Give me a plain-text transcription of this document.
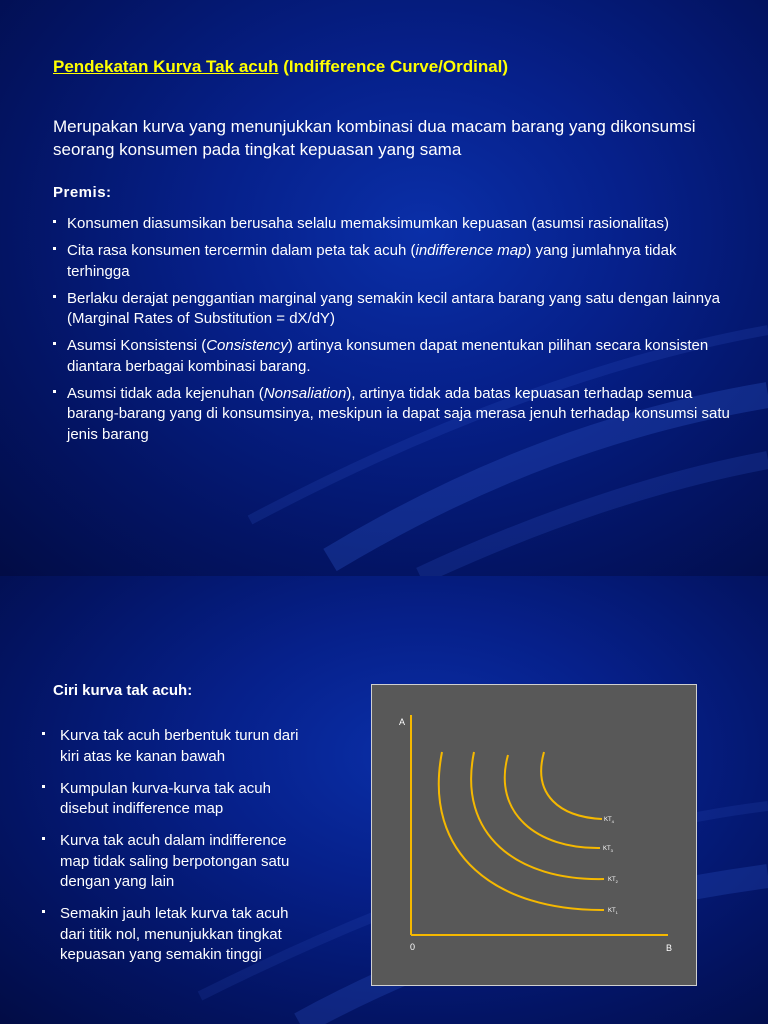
Pendekatan Kurva Tak acuh (Indifference Curve/Ordinal)
Merupakan kurva yang menunjukkan kombinasi dua macam barang yang dikonsumsi seorang konsumen pada tingkat kepuasan yang sama
Premis:
Konsumen diasumsikan berusaha selalu memaksimumkan kepuasan (asumsi rasionalitas)
Cita rasa konsumen tercermin dalam peta tak acuh (indifference map) yang jumlahnya tidak terhingga
Berlaku derajat penggantian marginal yang semakin kecil antara barang yang satu dengan lainnya (Marginal Rates of Substitution = dX/dY)
Asumsi Konsistensi (Consistency) artinya konsumen dapat menentukan pilihan secara konsisten diantara berbagai kombinasi barang.
Asumsi tidak ada kejenuhan (Nonsaliation), artinya tidak ada batas kepuasan terhadap semua barang-barang yang di konsumsinya, meskipun ia dapat saja merasa jenuh terhadap konsumsi satu jenis barang
Ciri kurva tak acuh:
Kurva tak acuh berbentuk turun dari kiri atas ke kanan bawah
Kumpulan kurva-kurva tak acuh disebut indifference map
Kurva tak acuh dalam indifference map tidak saling berpotongan satu dengan yang lain
Semakin jauh letak kurva tak acuh dari titik nol, menunjukkan tingkat kepuasan yang semakin tinggi
A
B
0
$KT_4$
$KT_3$
$KT_2$
$KT_1$
